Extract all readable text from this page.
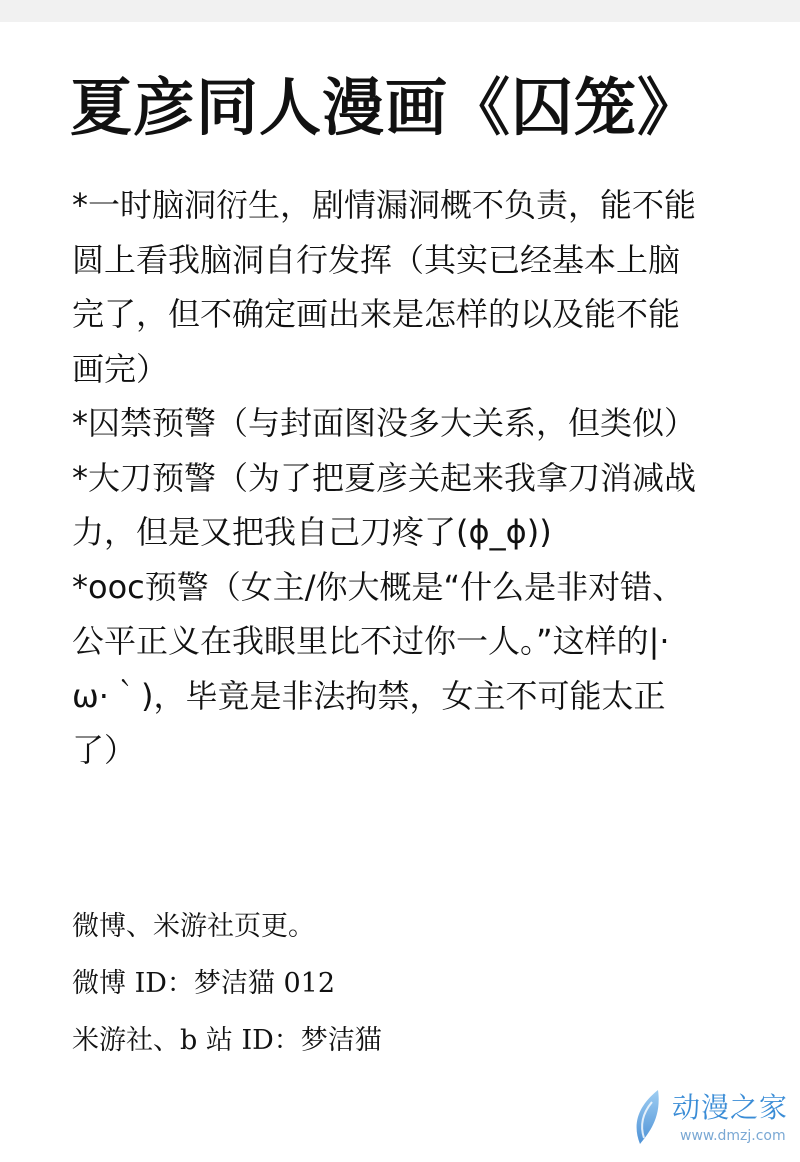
夏彦同人漫画《囚笼》
*一时脑洞衍生，剧情漏洞概不负责，能不能
圆上看我脑洞自行发挥（其实已经基本上脑
完了，但不确定画出来是怎样的以及能不能
画完）
*囚禁预警（与封面图没多大关系，但类似）
*大刀预警（为了把夏彦关起来我拿刀消减战
力，但是又把我自己刀疼了(ɸ_ɸ))
*ooc预警（女主/你大概是“什么是非对错、
公平正义在我眼里比不过你一人。”这样的|·
ω·｀)，毕竟是非法拘禁，女主不可能太正
了）
微博、米游社页更。
微博 ID：梦洁猫 012
米游社、b 站 ID：梦洁猫
动漫之家
www.dmzj.com
